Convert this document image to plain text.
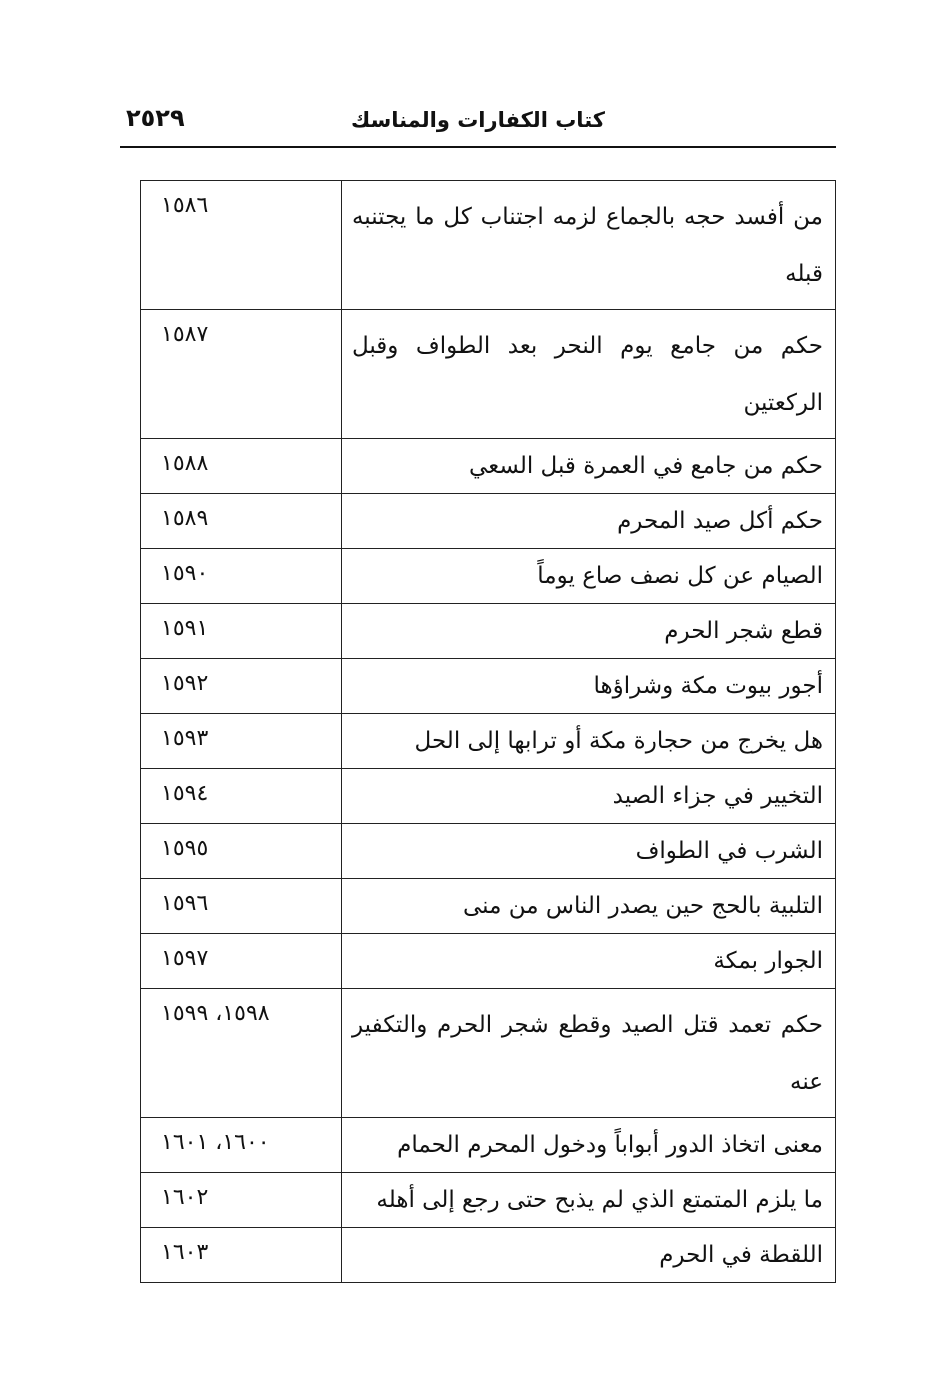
٢٥٢٩	كتاب الكفارات والمناسك
من أفسد حجه بالجماع لزمه اجتناب كل ما يجتنبه قبله	١٥٨٦
حكم من جامع يوم النحر بعد الطواف وقبل الركعتين	١٥٨٧
حكم من جامع في العمرة قبل السعي	١٥٨٨
حكم أكل صيد المحرم	١٥٨٩
الصيام عن كل نصف صاع يوماً	١٥٩٠
قطع شجر الحرم	١٥٩١
أجور بيوت مكة وشراؤها	١٥٩٢
هل يخرج من حجارة مكة أو ترابها إلى الحل	١٥٩٣
التخيير في جزاء الصيد	١٥٩٤
الشرب في الطواف	١٥٩٥
التلبية بالحج حين يصدر الناس من منى	١٥٩٦
الجوار بمكة	١٥٩٧
حكم تعمد قتل الصيد وقطع شجر الحرم والتكفير عنه	١٥٩٨، ١٥٩٩
معنى اتخاذ الدور أبواباً ودخول المحرم الحمام	١٦٠٠، ١٦٠١
ما يلزم المتمتع الذي لم يذبح حتى رجع إلى أهله	١٦٠٢
اللقطة في الحرم	١٦٠٣
